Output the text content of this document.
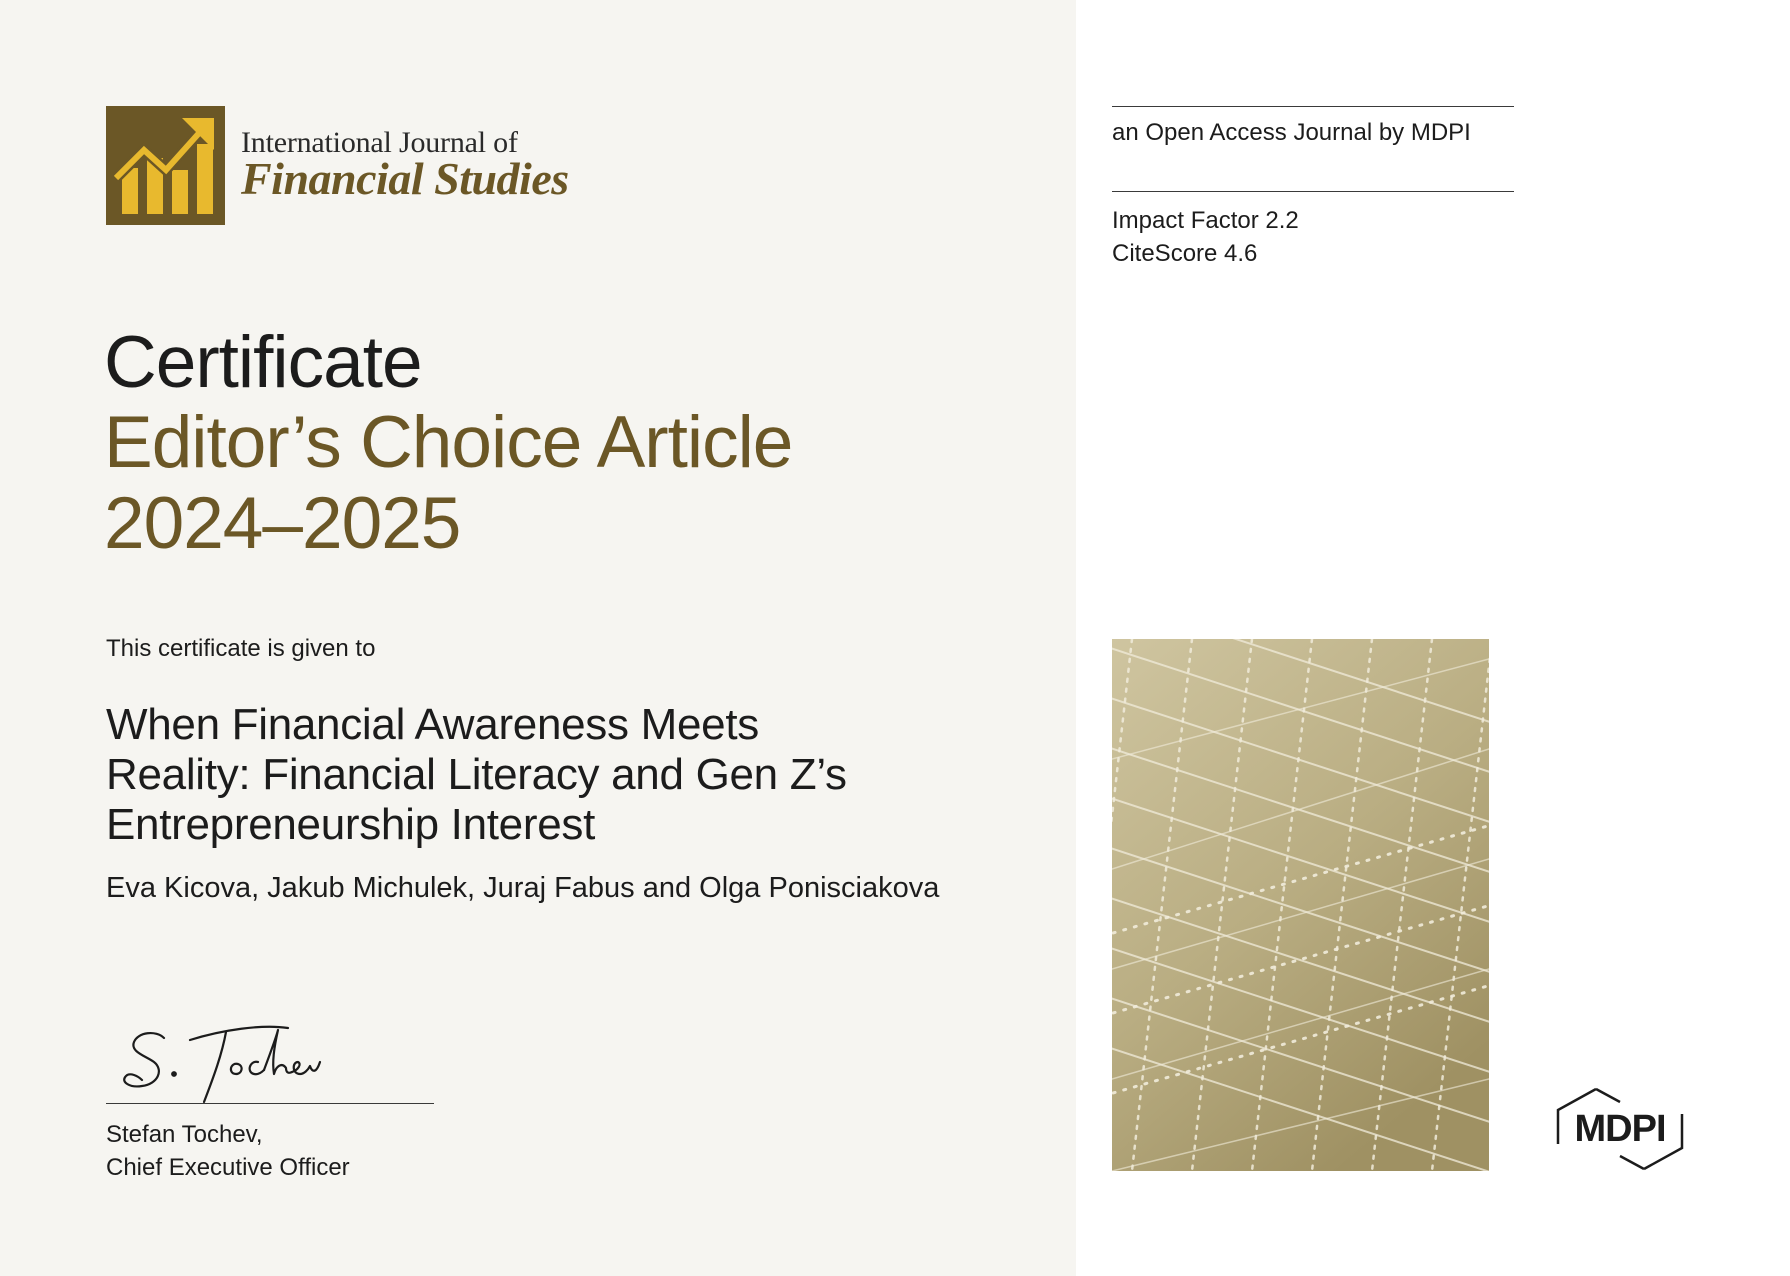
International Journal of
Financial Studies
Certificate
Editor’s Choice Article
2024–2025
This certificate is given to
When Financial Awareness Meets
Reality: Financial Literacy and Gen Z’s
Entrepreneurship Interest
Eva Kicova, Jakub Michulek, Juraj Fabus and Olga Ponisciakova
Stefan Tochev,
Chief Executive Officer
an Open Access Journal by MDPI
Impact Factor 2.2
CiteScore 4.6
MDPI
